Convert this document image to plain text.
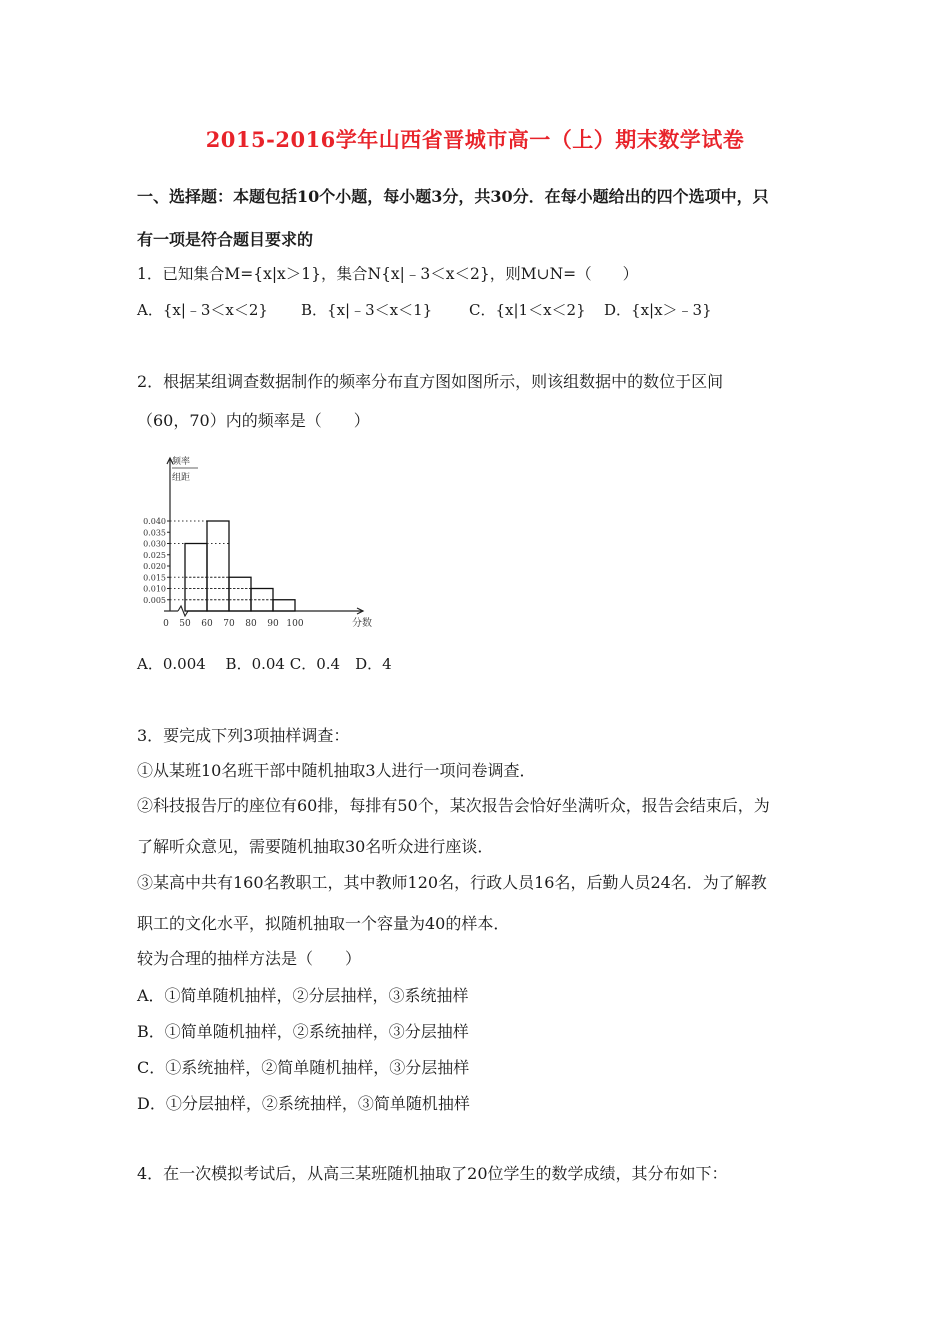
2015-2016学年山西省晋城市高一（上）期末数学试卷
一、选择题：本题包括10个小题，每小题3分，共30分．在每小题给出的四个选项中，只
有一项是符合题目要求的
1．已知集合M={x|x＞1}，集合N{x|﹣3＜x＜2}，则M∪N=（　　）
A．{x|﹣3＜x＜2} B．{x|﹣3＜x＜1} C．{x|1＜x＜2} D．{x|x＞﹣3}
2．根据某组调查数据制作的频率分布直方图如图所示，则该组数据中的数位于区间
（60，70）内的频率是（　　）
频率
组距
0.005
0.010
0.015
0.020
0.025
0.030
0.035
0.040
0 50 60 70 80 90 100	分数
A．0.004　 B．0.04 C．0.4　D．4
3．要完成下列3项抽样调查：
①从某班10名班干部中随机抽取3人进行一项问卷调查．
②科技报告厅的座位有60排，每排有50个，某次报告会恰好坐满听众，报告会结束后，为
了解听众意见，需要随机抽取30名听众进行座谈．
③某高中共有160名教职工，其中教师120名，行政人员16名，后勤人员24名．为了解教
职工的文化水平，拟随机抽取一个容量为40的样本．
较为合理的抽样方法是（　　）
A．①简单随机抽样，②分层抽样，③系统抽样
B．①简单随机抽样，②系统抽样，③分层抽样
C．①系统抽样，②简单随机抽样，③分层抽样
D．①分层抽样，②系统抽样，③简单随机抽样
4．在一次模拟考试后，从高三某班随机抽取了20位学生的数学成绩，其分布如下：
